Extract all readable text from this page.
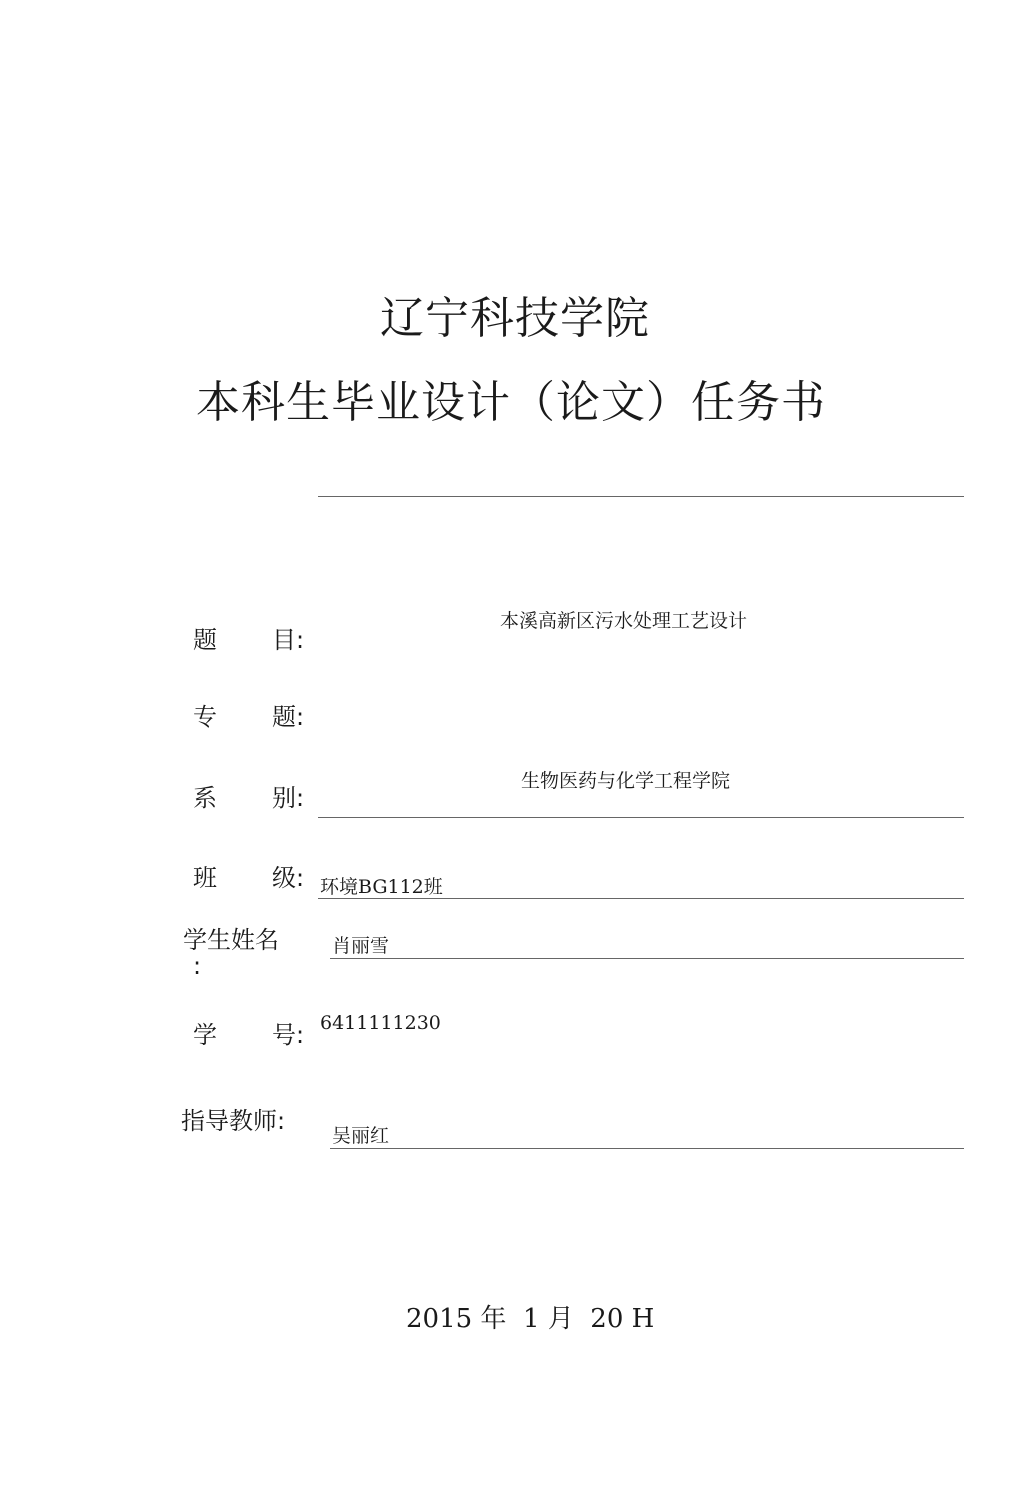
辽宁科技学院
本科生毕业设计（论文）任务书
题 目:
本溪高新区污水处理工艺设计
专 题:
系 别:
生物医药与化学工程学院
班 级: 环境BG112班
学生姓名
:
肖丽雪
学 号: 6411111230
指导教师:
吴丽红
2015 年  1 月  20 H
